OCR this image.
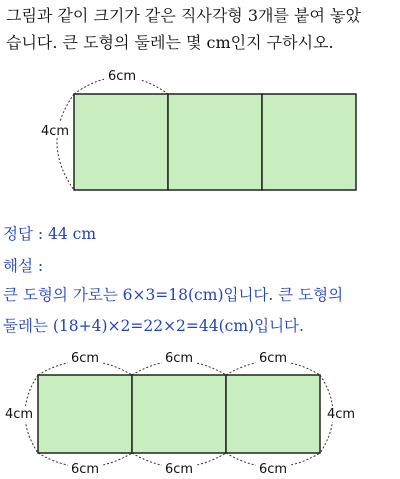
그림과 같이 크기가 같은 직사각형 3개를 붙여 놓았
습니다. 큰 도형의 둘레는 몇 cm인지 구하시오.
6cm
4cm
정답 : 44 cm
해설 :
큰 도형의 가로는 6×3=18(cm)입니다. 큰 도형의
둘레는 (18+4)×2=22×2=44(cm)입니다.
6cm	6cm	6cm
6cm	6cm	6cm
4cm	4cm
